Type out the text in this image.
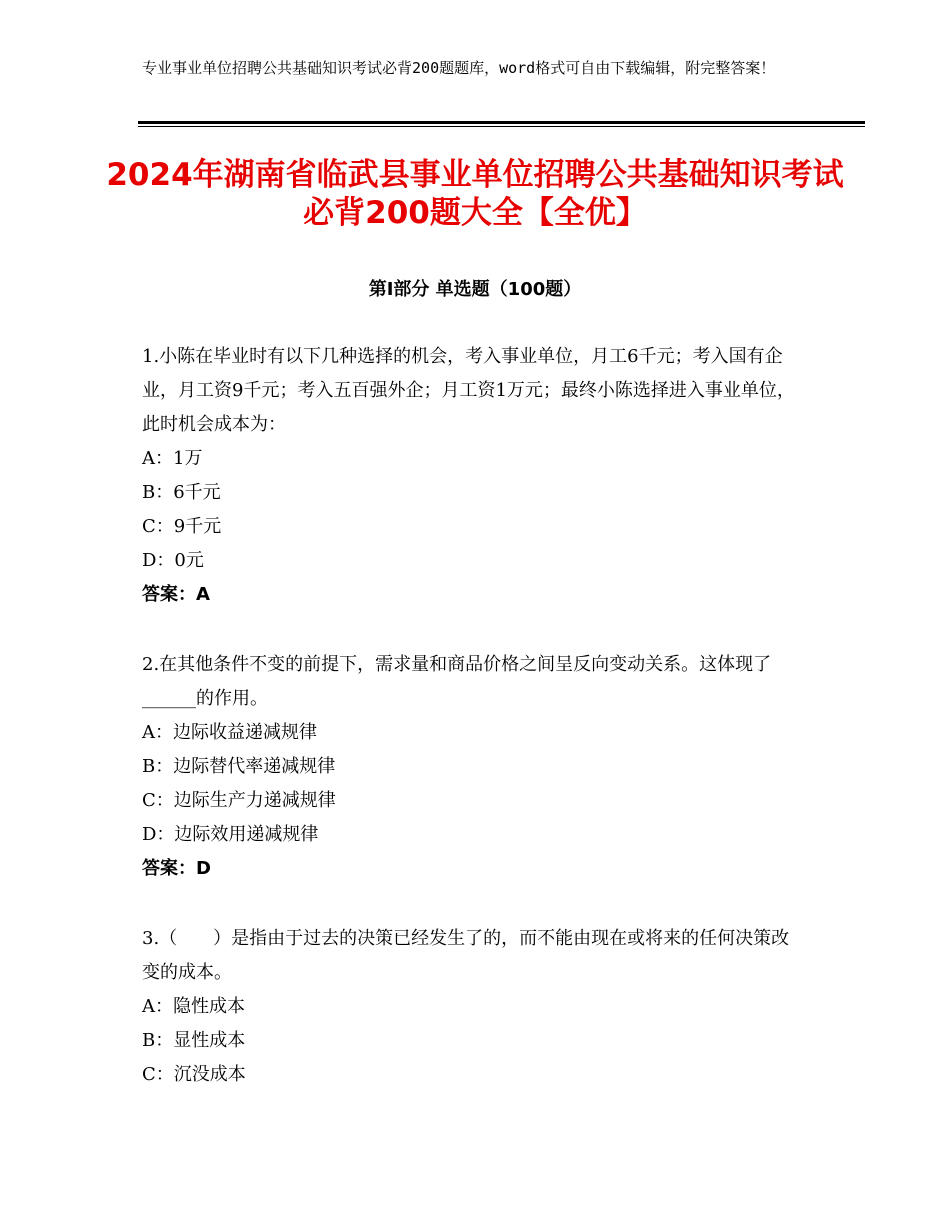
专业事业单位招聘公共基础知识考试必背200题题库，word格式可自由下载编辑，附完整答案！
2024年湖南省临武县事业单位招聘公共基础知识考试必背200题大全【全优】
第Ⅰ部分 单选题（100题）

1.小陈在毕业时有以下几种选择的机会，考入事业单位，月工6千元；考入国有企业，月工资9千元；考入五百强外企；月工资1万元；最终小陈选择进入事业单位，此时机会成本为：

A：1万

B：6千元

C：9千元

D：0元

答案：A

2.在其他条件不变的前提下，需求量和商品价格之间呈反向变动关系。这体现了______的作用。

A：边际收益递减规律

B：边际替代率递减规律

C：边际生产力递减规律

D：边际效用递减规律

答案：D

3.（　　）是指由于过去的决策已经发生了的，而不能由现在或将来的任何决策改变的成本。

A：隐性成本

B：显性成本

C：沉没成本
